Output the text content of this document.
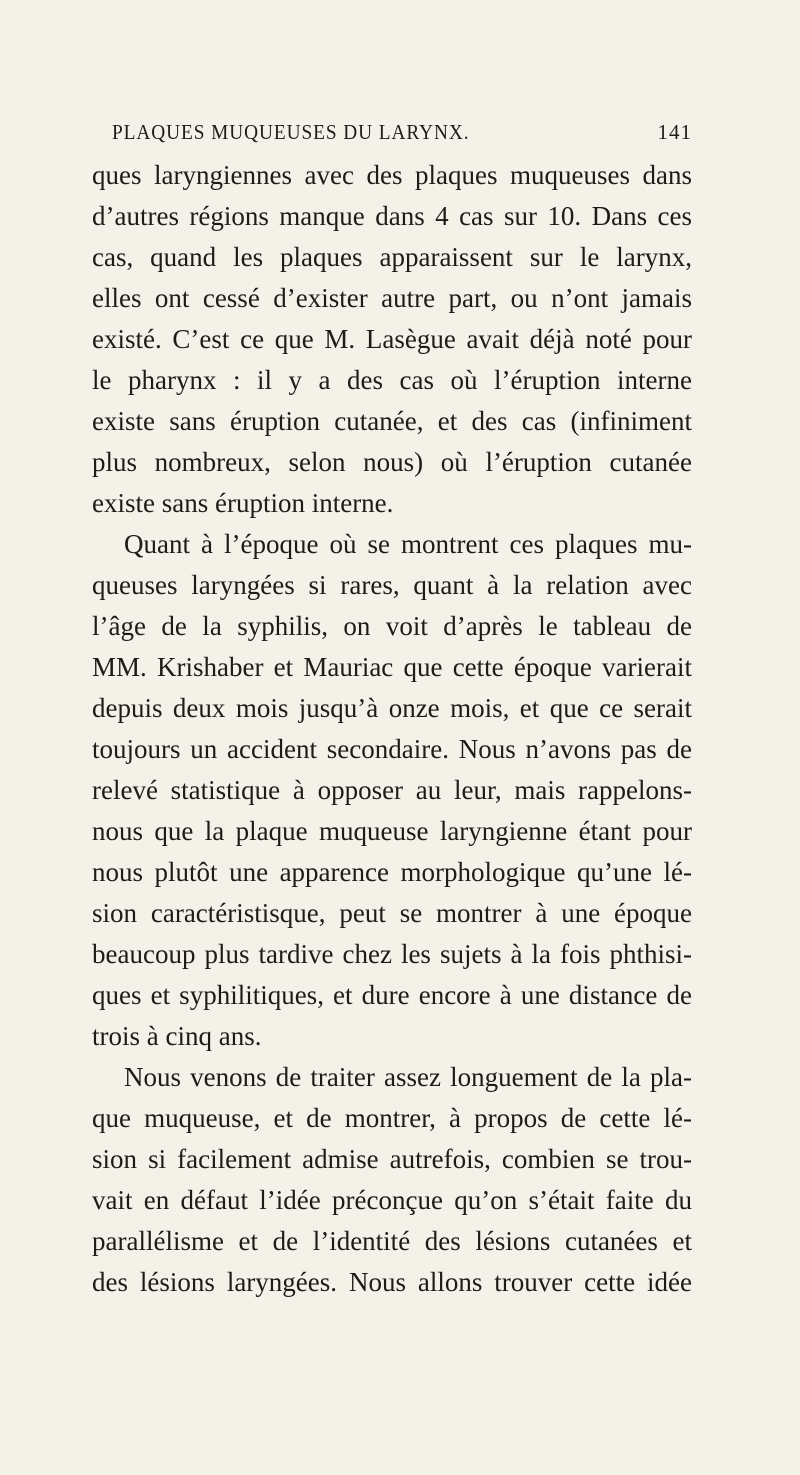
PLAQUES MUQUEUSES DU LARYNX.	141
ques laryngiennes avec des plaques muqueuses dans
d’autres régions manque dans 4 cas sur 10. Dans ces
cas, quand les plaques apparaissent sur le larynx,
elles ont cessé d’exister autre part, ou n’ont jamais
existé. C’est ce que M. Lasègue avait déjà noté pour
le pharynx : il y a des cas où l’éruption interne
existe sans éruption cutanée, et des cas (infiniment
plus nombreux, selon nous) où l’éruption cutanée
existe sans éruption interne.
Quant à l’époque où se montrent ces plaques mu-
queuses laryngées si rares, quant à la relation avec
l’âge de la syphilis, on voit d’après le tableau de
MM. Krishaber et Mauriac que cette époque varierait
depuis deux mois jusqu’à onze mois, et que ce serait
toujours un accident secondaire. Nous n’avons pas de
relevé statistique à opposer au leur, mais rappelons-
nous que la plaque muqueuse laryngienne étant pour
nous plutôt une apparence morphologique qu’une lé-
sion caractéristisque, peut se montrer à une époque
beaucoup plus tardive chez les sujets à la fois phthisi-
ques et syphilitiques, et dure encore à une distance de
trois à cinq ans.
Nous venons de traiter assez longuement de la pla-
que muqueuse, et de montrer, à propos de cette lé-
sion si facilement admise autrefois, combien se trou-
vait en défaut l’idée préconçue qu’on s’était faite du
parallélisme et de l’identité des lésions cutanées et
des lésions laryngées. Nous allons trouver cette idée
